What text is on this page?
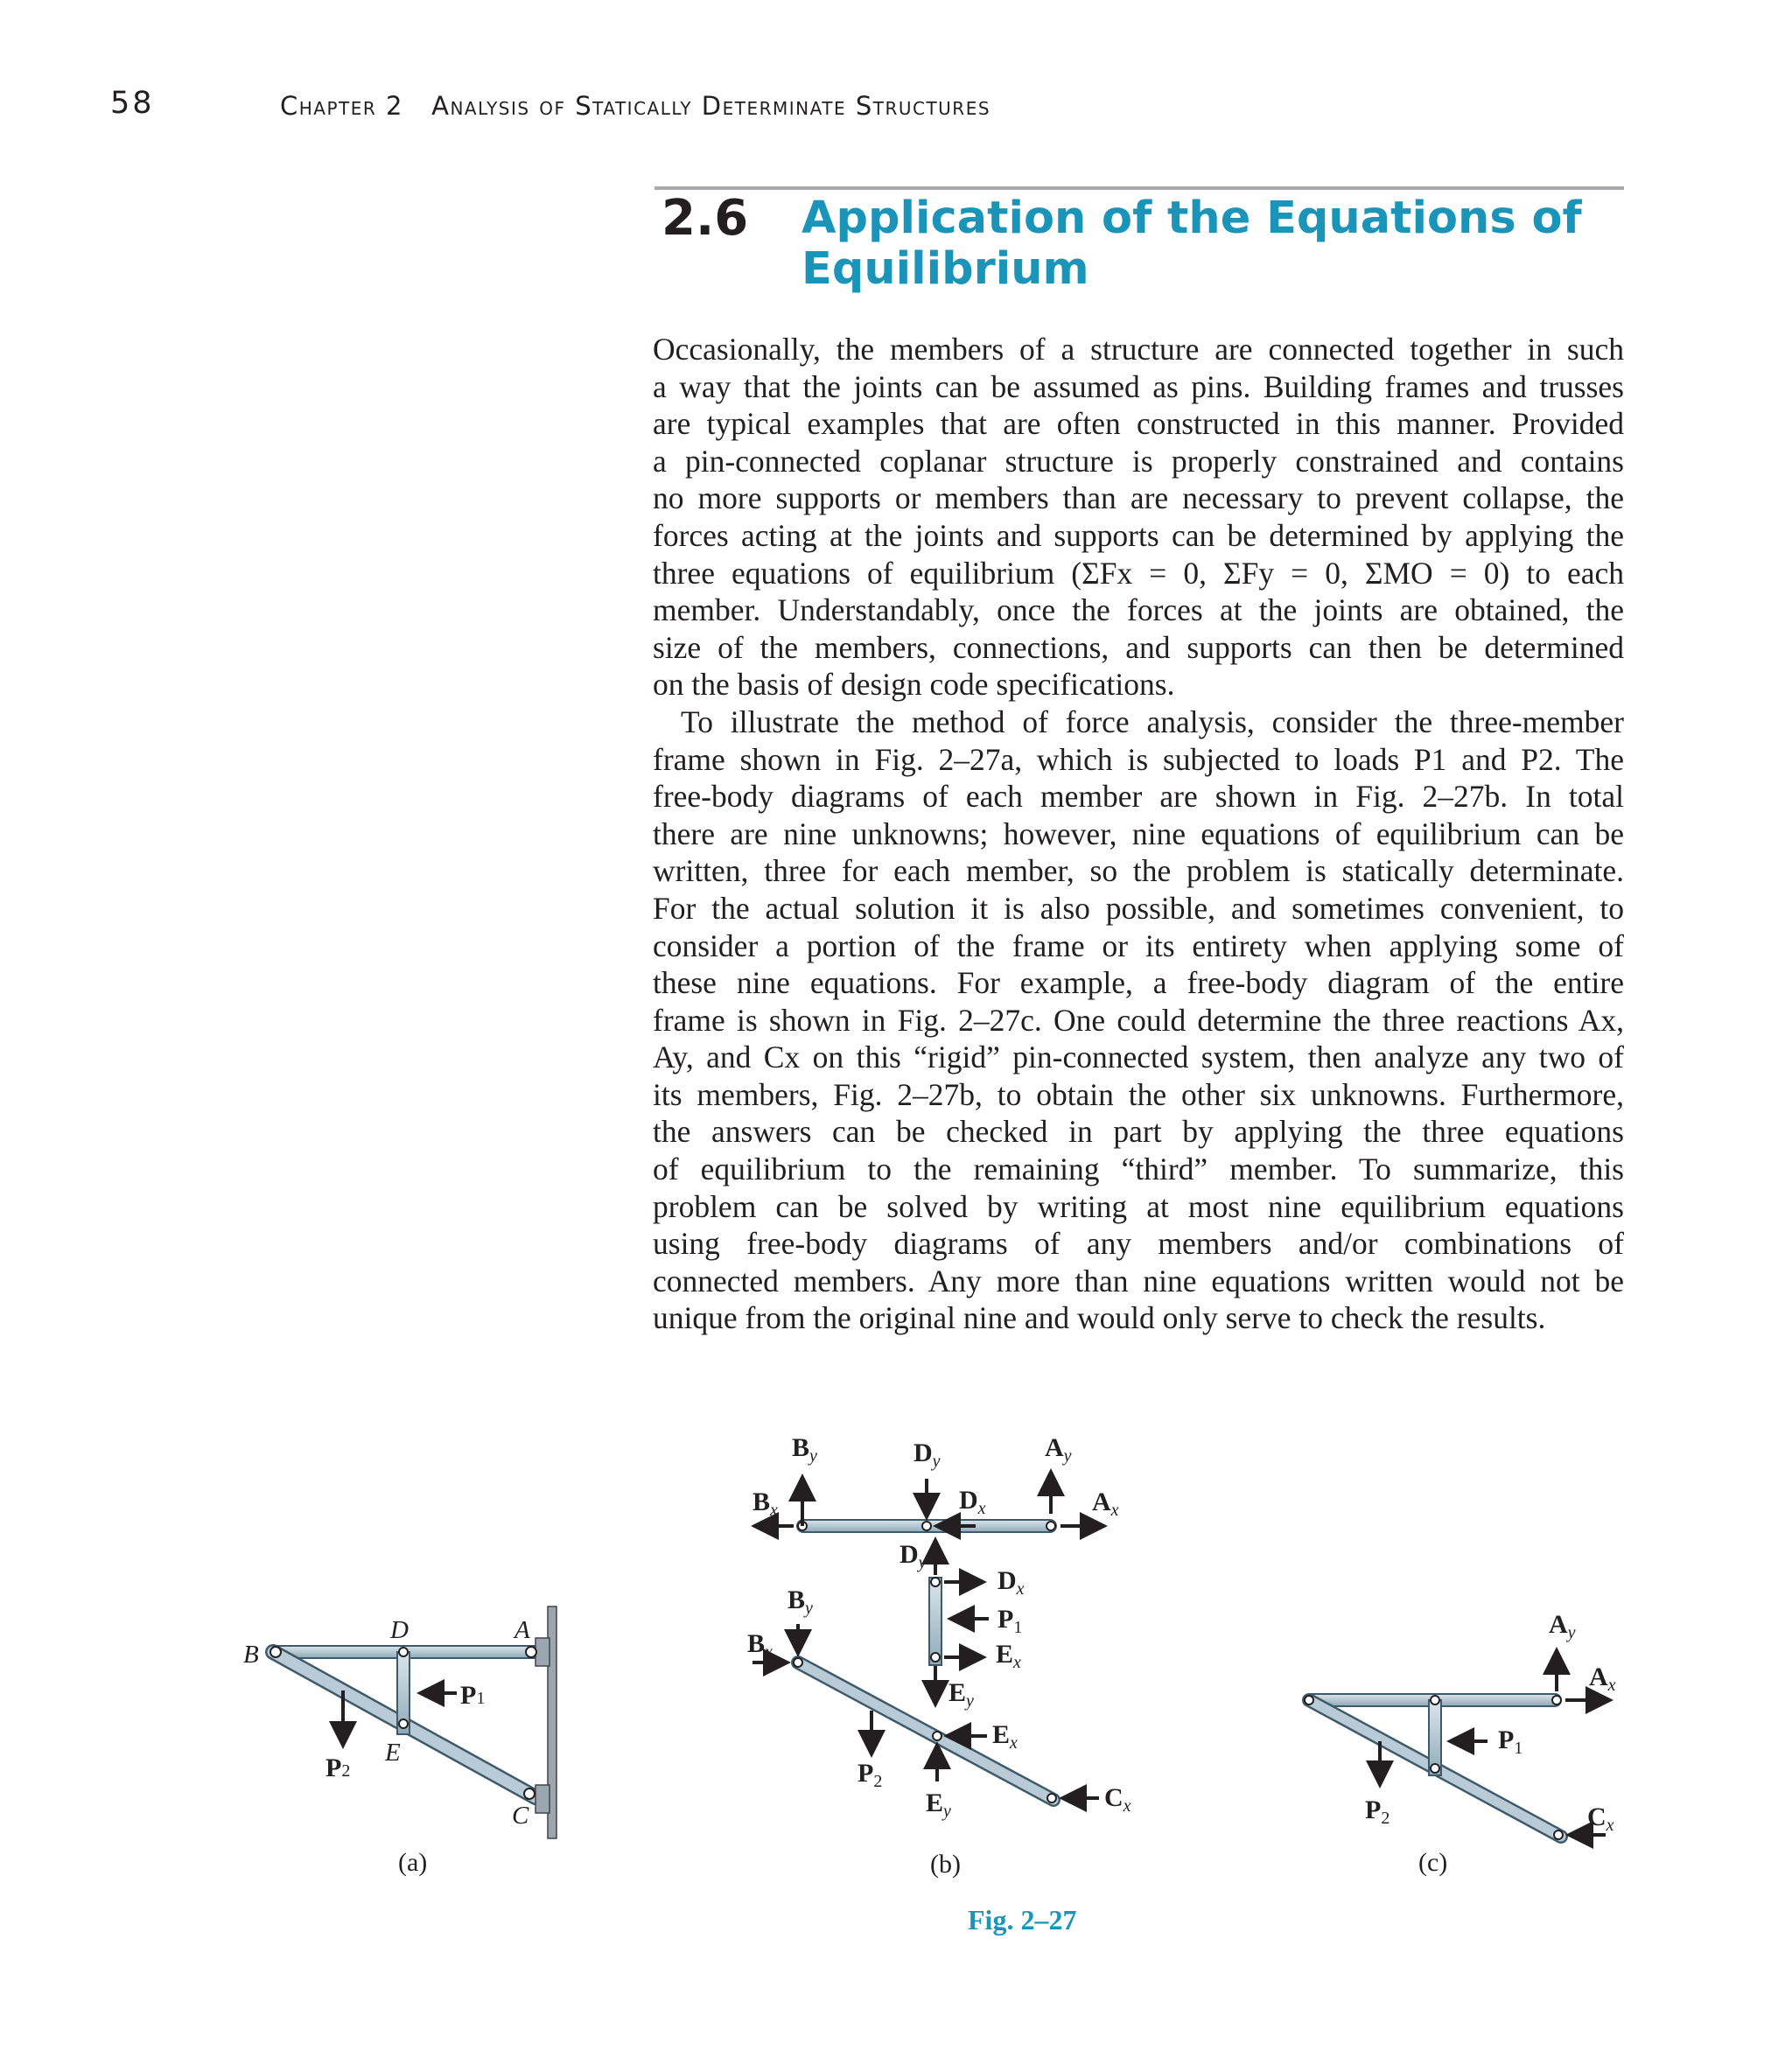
58	Chapter 2   Analysis of Statically Determinate Structures
2.6 Application of the Equations of Equilibrium
Occasionally, the members of a structure are connected together in such
a way that the joints can be assumed as pins. Building frames and trusses
are typical examples that are often constructed in this manner. Provided
a pin-connected coplanar structure is properly constrained and contains
no more supports or members than are necessary to prevent collapse, the
forces acting at the joints and supports can be determined by applying the
three equations of equilibrium (ΣFx = 0, ΣFy = 0, ΣMO = 0) to each
member. Understandably, once the forces at the joints are obtained, the
size of the members, connections, and supports can then be determined
on the basis of design code specifications.
To illustrate the method of force analysis, consider the three-member
frame shown in Fig. 2–27a, which is subjected to loads P1 and P2. The
free-body diagrams of each member are shown in Fig. 2–27b. In total
there are nine unknowns; however, nine equations of equilibrium can be
written, three for each member, so the problem is statically determinate.
For the actual solution it is also possible, and sometimes convenient, to
consider a portion of the frame or its entirety when applying some of
these nine equations. For example, a free-body diagram of the entire
frame is shown in Fig. 2–27c. One could determine the three reactions Ax,
Ay, and Cx on this “rigid” pin-connected system, then analyze any two of
its members, Fig. 2–27b, to obtain the other six unknowns. Furthermore,
the answers can be checked in part by applying the three equations
of equilibrium to the remaining “third” member. To summarize, this
problem can be solved by writing at most nine equilibrium equations
using free-body diagrams of any members and/or combinations of
connected members. Any more than nine equations written would not be
unique from the original nine and would only serve to check the results.
B
D	A
E
C
P1
P2
$B_y$
$B_x$
$D_y$
$D_x$
$A_y$
$A_x$
$D_y$
$D_x$
$P_1$
$E_x$
$E_y$
$B_y$
$B_x$
$P_2$
$E_x$
$E_y$	$C_x$
$A_y$
$A_x$
$P_1$
$P_2$	$C_x$
(a)	(b)	(c)
Fig. 2–27
